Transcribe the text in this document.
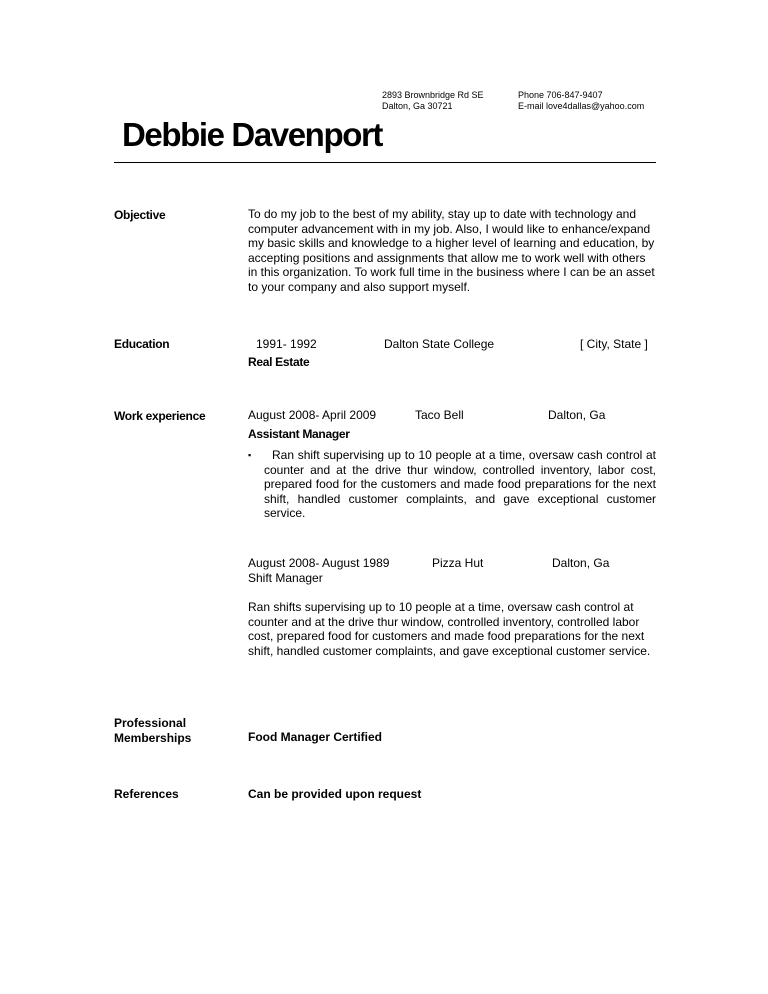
2893 Brownbridge Rd SE
Dalton, Ga 30721
Phone 706-847-9407
E-mail love4dallas@yahoo.com
Debbie Davenport
Objective	To do my job to the best of my ability, stay up to date with technology and computer advancement with in my job. Also, I would like to enhance/expand my basic skills and knowledge to a higher level of learning and education, by accepting positions and assignments that allow me to work well with others in this organization. To work full time in the business where I can be an asset to your company and also support myself.
Education	1991- 1992	Dalton State College	[ City, State ]
Real Estate
Work experience	August 2008- April 2009	Taco Bell	Dalton, Ga
Assistant Manager
▪	Ran shift supervising up to 10 people at a time, oversaw cash control at counter and at the drive thur window, controlled inventory, labor cost, prepared food for the customers and made food preparations for the next shift, handled customer complaints, and gave exceptional customer service.
August 2008- August 1989	Pizza Hut	Dalton, Ga
Shift Manager
Ran shifts supervising up to 10 people at a time, oversaw cash control at counter and at the drive thur window, controlled inventory, controlled labor cost, prepared food for customers and made food preparations for the next shift, handled customer complaints, and gave exceptional customer service.
Professional
Memberships	Food Manager Certified
References	Can be provided upon request
